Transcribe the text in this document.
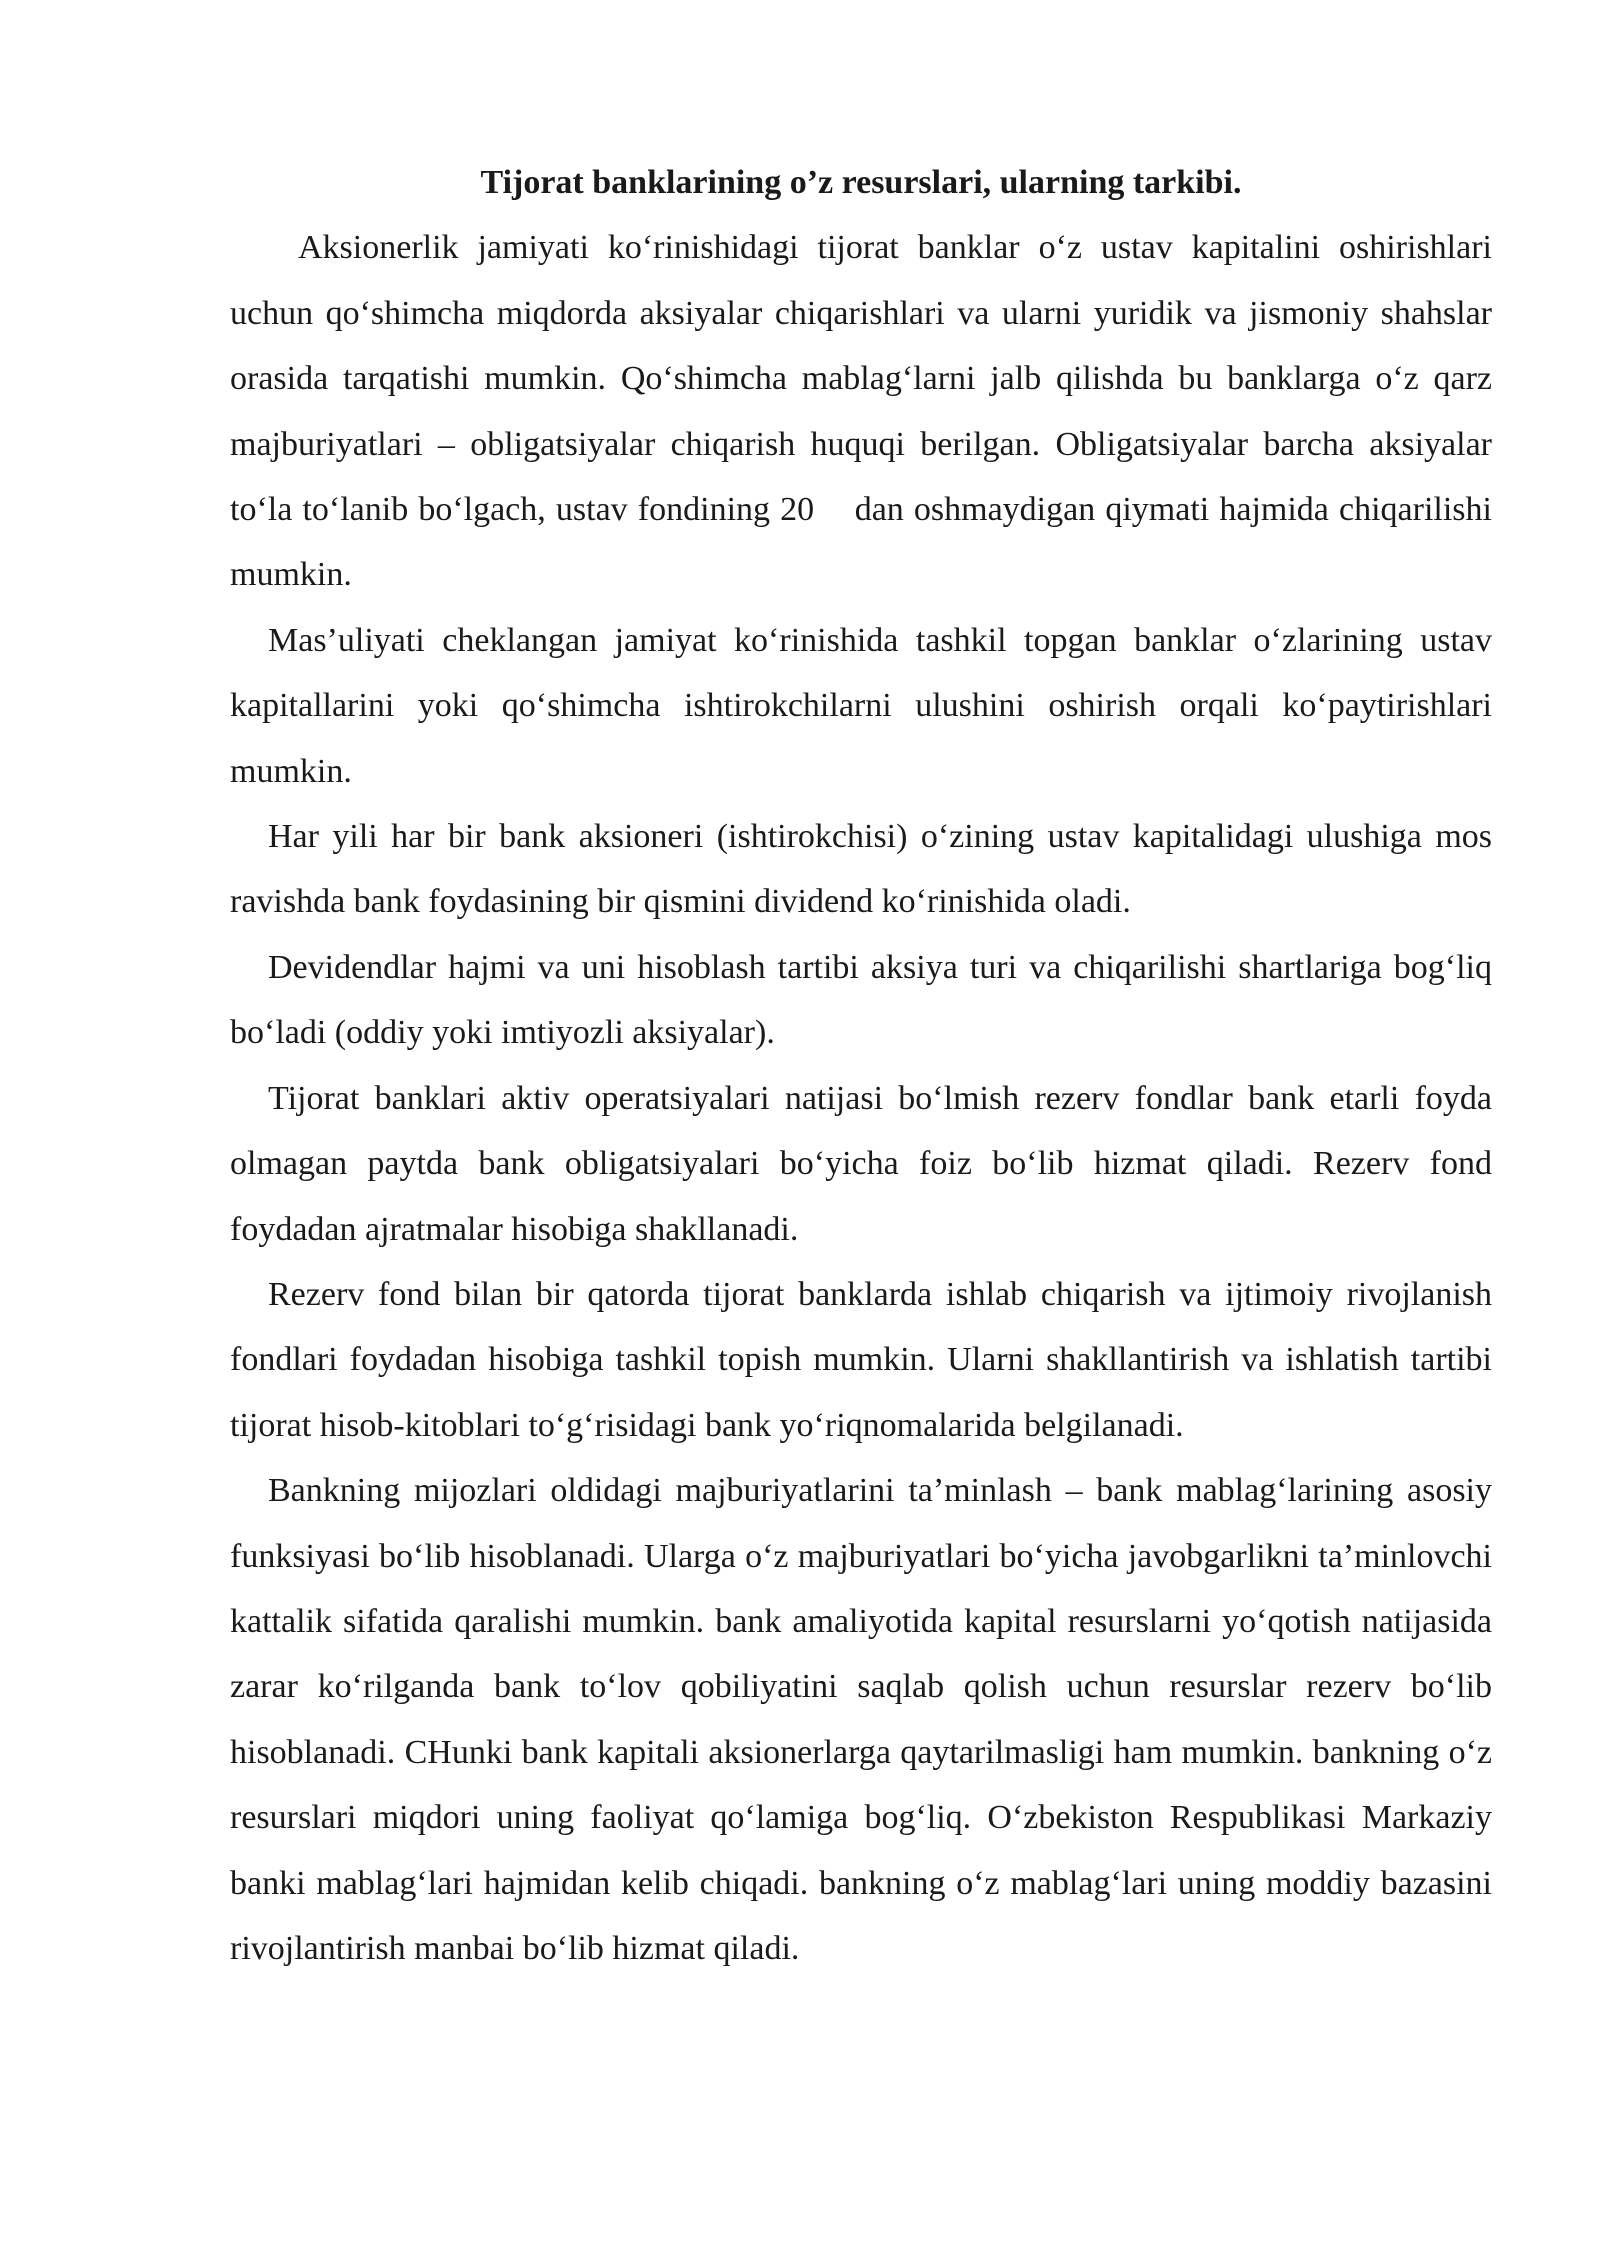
Tijorat banklarining o’z resurslari, ularning tarkibi.

Aksionerlik jamiyati ko‘rinishidagi tijorat banklar o‘z ustav kapitalini oshirishlari uchun qo‘shimcha miqdorda aksiyalar chiqarishlari va ularni yuridik va jismoniy shahslar orasida tarqatishi mumkin. Qo‘shimcha mablag‘larni jalb qilishda bu banklarga o‘z qarz majburiyatlari – obligatsiyalar chiqarish huquqi berilgan. Obligatsiyalar barcha aksiyalar to‘la to‘lanib bo‘lgach, ustav fondining 20    dan oshmaydigan qiymati hajmida chiqarilishi mumkin.

Mas’uliyati cheklangan jamiyat ko‘rinishida tashkil topgan banklar o‘zlarining ustav kapitallarini yoki qo‘shimcha ishtirokchilarni ulushini oshirish orqali ko‘paytirishlari mumkin.

Har yili har bir bank aksioneri (ishtirokchisi) o‘zining ustav kapitalidagi ulushiga mos ravishda bank foydasining bir qismini dividend ko‘rinishida oladi.

Devidendlar hajmi va uni hisoblash tartibi aksiya turi va chiqarilishi shartlariga bog‘liq bo‘ladi (oddiy yoki imtiyozli aksiyalar).

Tijorat banklari aktiv operatsiyalari natijasi bo‘lmish rezerv fondlar bank etarli foyda olmagan paytda bank obligatsiyalari bo‘yicha foiz bo‘lib hizmat qiladi. Rezerv fond foydadan ajratmalar hisobiga shakllanadi.

Rezerv fond bilan bir qatorda tijorat banklarda ishlab chiqarish va ijtimoiy rivojlanish fondlari foydadan hisobiga tashkil topish mumkin. Ularni shakllantirish va ishlatish tartibi tijorat hisob-kitoblari to‘g‘risidagi bank yo‘riqnomalarida belgilanadi.

Bankning mijozlari oldidagi majburiyatlarini ta’minlash – bank mablag‘larining asosiy funksiyasi bo‘lib hisoblanadi. Ularga o‘z majburiyatlari bo‘yicha javobgarlikni ta’minlovchi kattalik sifatida qaralishi mumkin. bank amaliyotida kapital resurslarni yo‘qotish natijasida zarar ko‘rilganda bank to‘lov qobiliyatini saqlab qolish uchun resurslar rezerv bo‘lib hisoblanadi. CHunki bank kapitali aksionerlarga qaytarilmasligi ham mumkin. bankning o‘z resurslari miqdori uning faoliyat qo‘lamiga bog‘liq. O‘zbekiston Respublikasi Markaziy banki mablag‘lari hajmidan kelib chiqadi. bankning o‘z mablag‘lari uning moddiy bazasini rivojlantirish manbai bo‘lib hizmat qiladi.
